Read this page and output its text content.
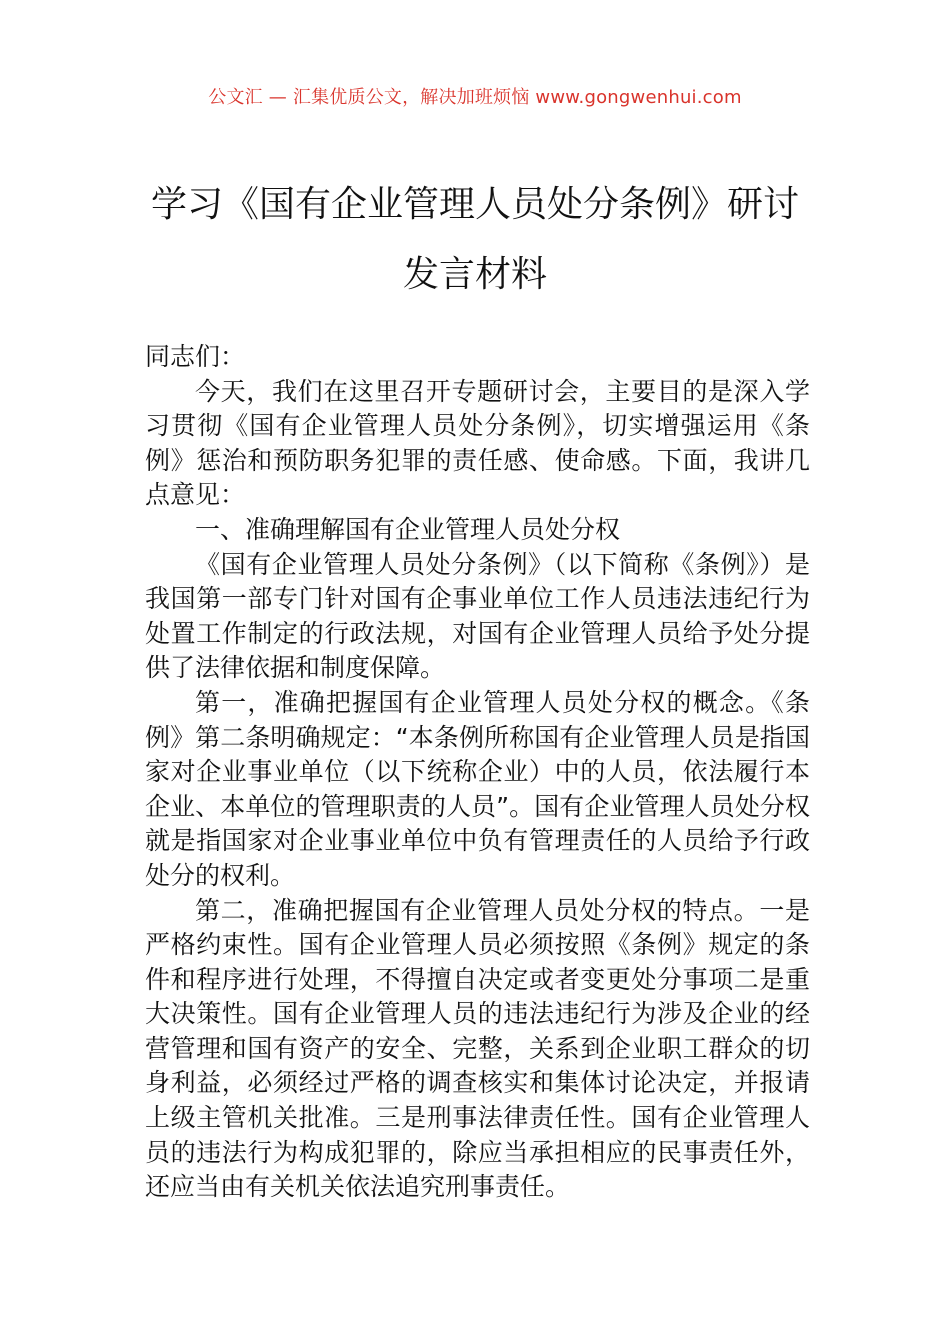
公文汇 — 汇集优质公文，解决加班烦恼 www.gongwenhui.com
学习《国有企业管理人员处分条例》研讨
发言材料

同志们：

今天，我们在这里召开专题研讨会，主要目的是深入学习贯彻《国有企业管理人员处分条例》，切实增强运用《条例》惩治和预防职务犯罪的责任感、使命感。下面，我讲几点意见：

一、准确理解国有企业管理人员处分权

《国有企业管理人员处分条例》（以下简称《条例》）是我国第一部专门针对国有企事业单位工作人员违法违纪行为处置工作制定的行政法规，对国有企业管理人员给予处分提供了法律依据和制度保障。

第一，准确把握国有企业管理人员处分权的概念。《条例》第二条明确规定：“本条例所称国有企业管理人员是指国家对企业事业单位（以下统称企业）中的人员，依法履行本企业、本单位的管理职责的人员”。国有企业管理人员处分权就是指国家对企业事业单位中负有管理责任的人员给予行政处分的权利。

第二，准确把握国有企业管理人员处分权的特点。一是严格约束性。国有企业管理人员必须按照《条例》规定的条件和程序进行处理，不得擅自决定或者变更处分事项二是重大决策性。国有企业管理人员的违法违纪行为涉及企业的经营管理和国有资产的安全、完整，关系到企业职工群众的切身利益，必须经过严格的调查核实和集体讨论决定，并报请上级主管机关批准。三是刑事法律责任性。国有企业管理人员的违法行为构成犯罪的，除应当承担相应的民事责任外，还应当由有关机关依法追究刑事责任。
